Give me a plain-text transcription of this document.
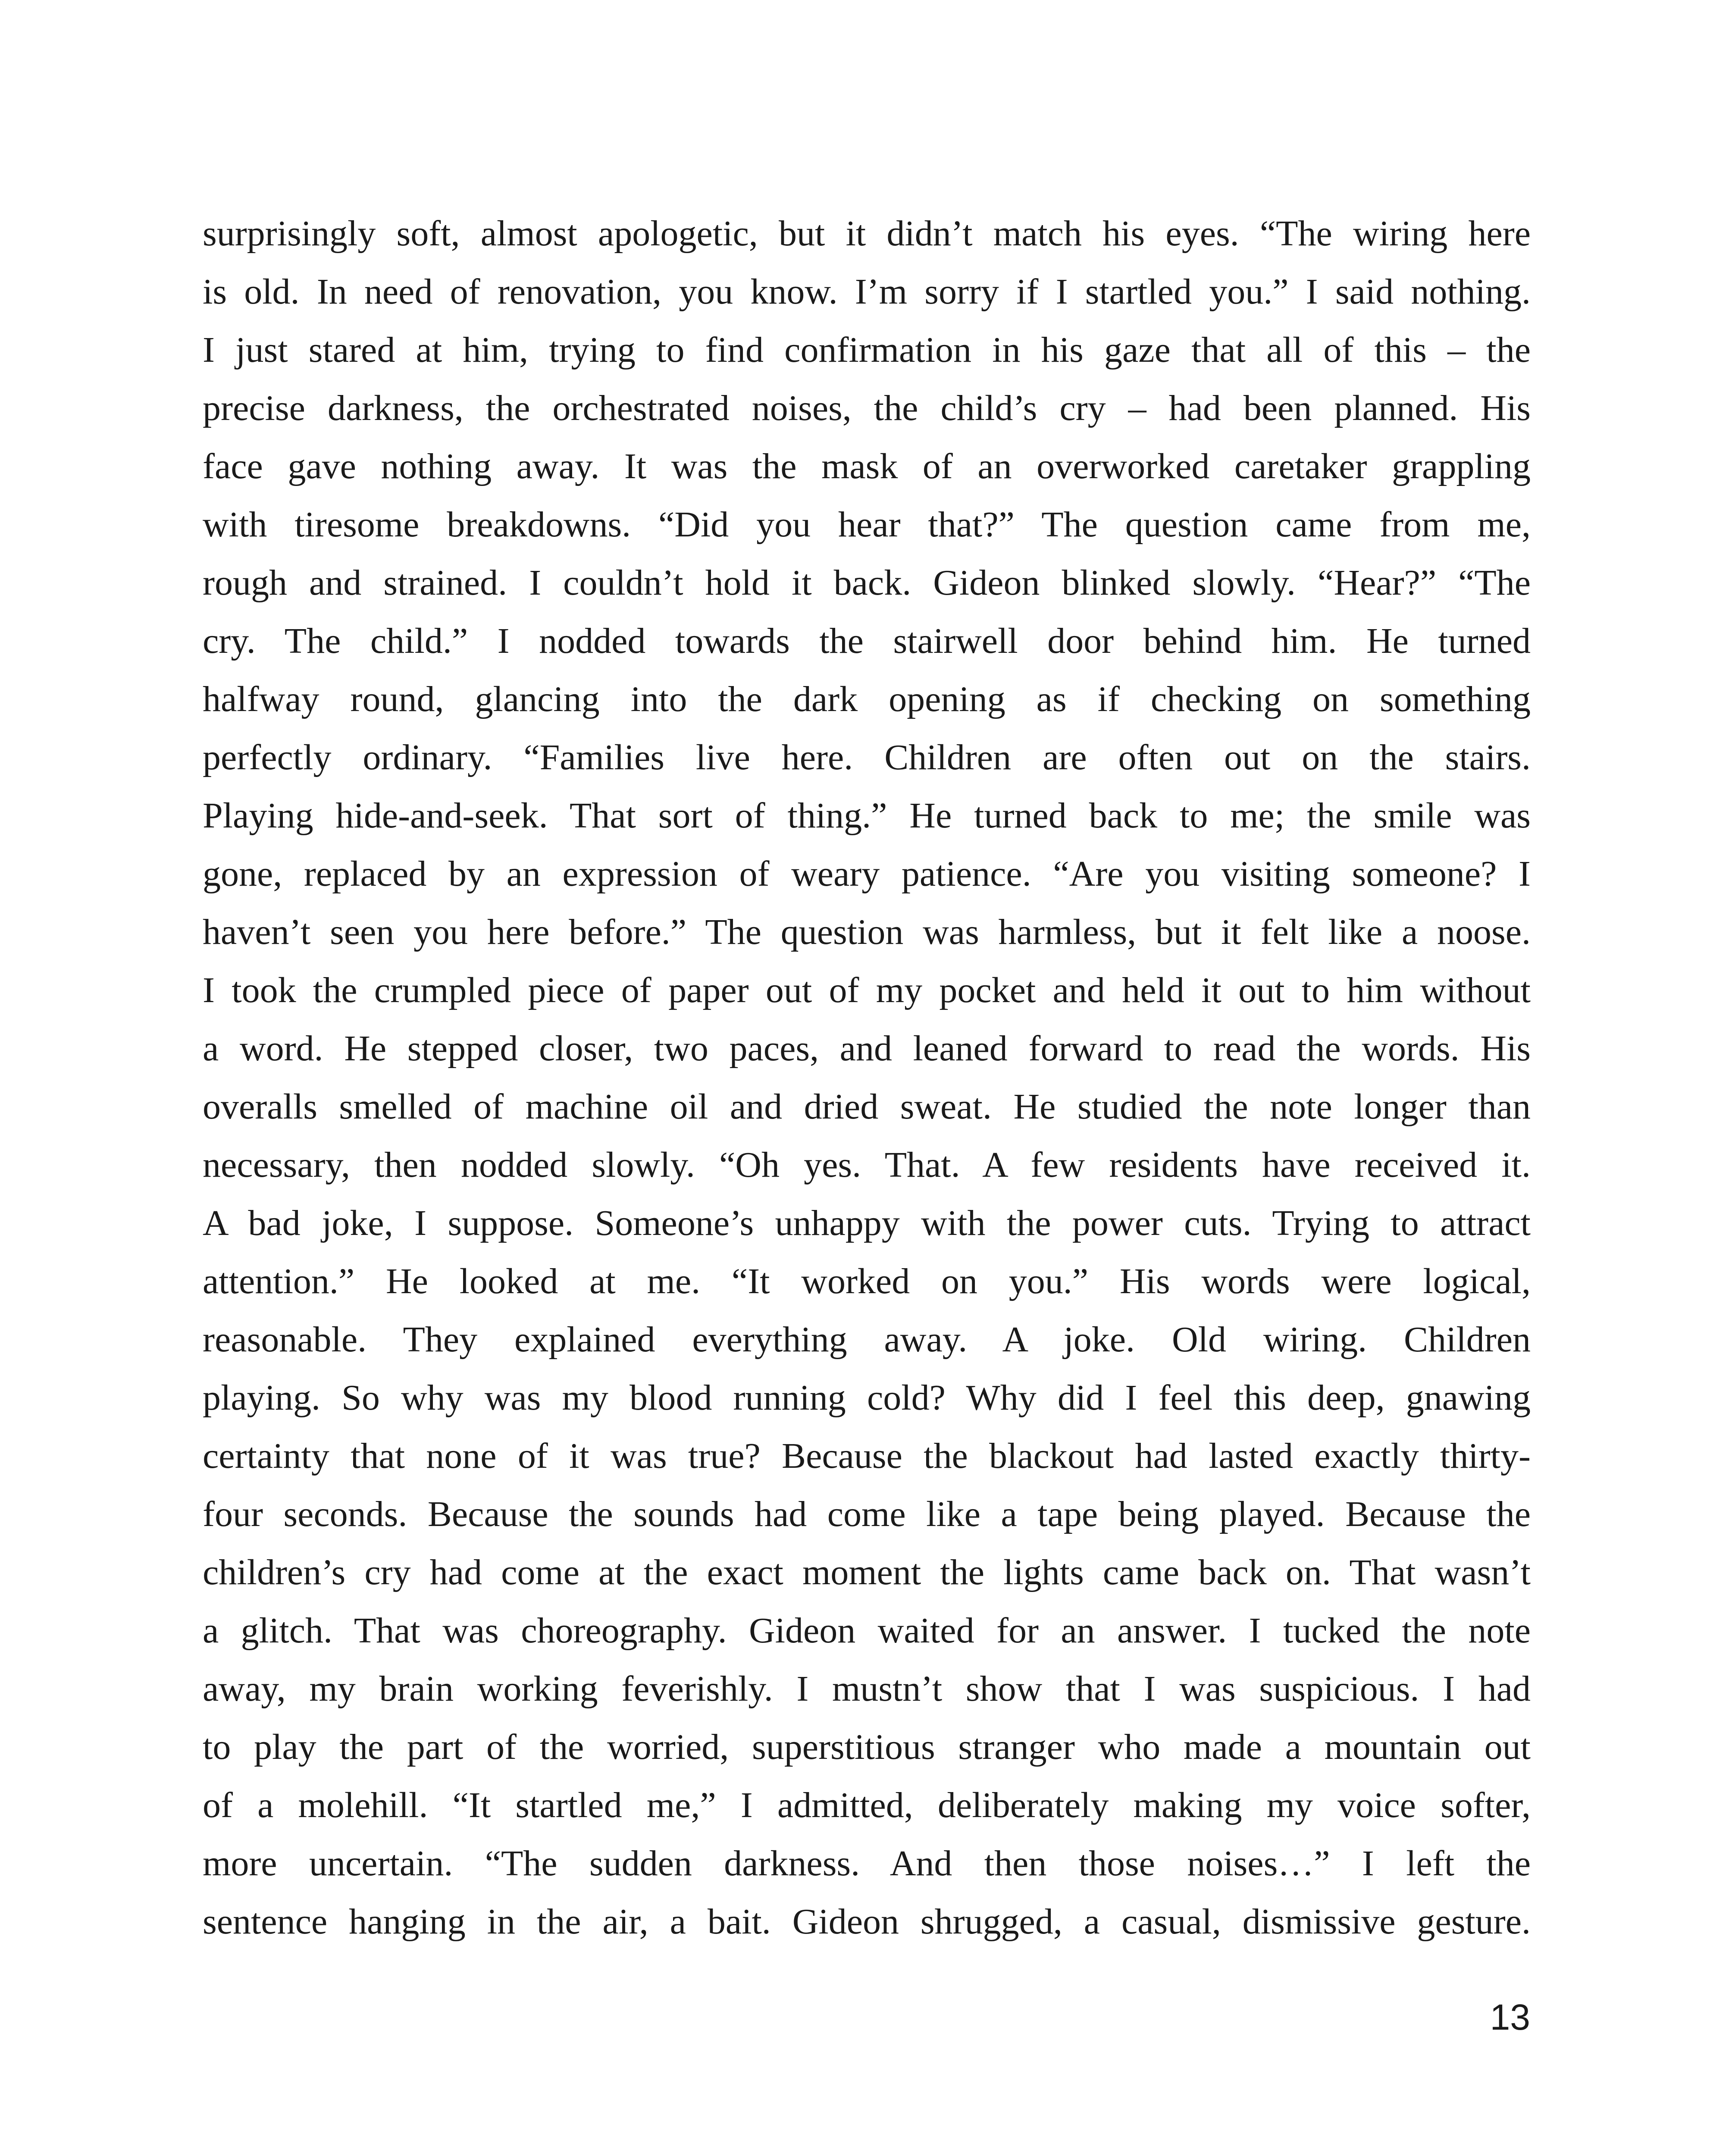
surprisingly soft, almost apologetic, but it didn’t match his eyes. “The wiring here
is old. In need of renovation, you know. I’m sorry if I startled you.” I said nothing.
I just stared at him, trying to find confirmation in his gaze that all of this – the
precise darkness, the orchestrated noises, the child’s cry – had been planned. His
face gave nothing away. It was the mask of an overworked caretaker grappling
with tiresome breakdowns. “Did you hear that?” The question came from me,
rough and strained. I couldn’t hold it back. Gideon blinked slowly. “Hear?” “The
cry. The child.” I nodded towards the stairwell door behind him. He turned
halfway round, glancing into the dark opening as if checking on something
perfectly ordinary. “Families live here. Children are often out on the stairs.
Playing hide-and-seek. That sort of thing.” He turned back to me; the smile was
gone, replaced by an expression of weary patience. “Are you visiting someone? I
haven’t seen you here before.” The question was harmless, but it felt like a noose.
I took the crumpled piece of paper out of my pocket and held it out to him without
a word. He stepped closer, two paces, and leaned forward to read the words. His
overalls smelled of machine oil and dried sweat. He studied the note longer than
necessary, then nodded slowly. “Oh yes. That. A few residents have received it.
A bad joke, I suppose. Someone’s unhappy with the power cuts. Trying to attract
attention.” He looked at me. “It worked on you.” His words were logical,
reasonable. They explained everything away. A joke. Old wiring. Children
playing. So why was my blood running cold? Why did I feel this deep, gnawing
certainty that none of it was true? Because the blackout had lasted exactly thirty-
four seconds. Because the sounds had come like a tape being played. Because the
children’s cry had come at the exact moment the lights came back on. That wasn’t
a glitch. That was choreography. Gideon waited for an answer. I tucked the note
away, my brain working feverishly. I mustn’t show that I was suspicious. I had
to play the part of the worried, superstitious stranger who made a mountain out
of a molehill. “It startled me,” I admitted, deliberately making my voice softer,
more uncertain. “The sudden darkness. And then those noises…” I left the
sentence hanging in the air, a bait. Gideon shrugged, a casual, dismissive gesture.
13
